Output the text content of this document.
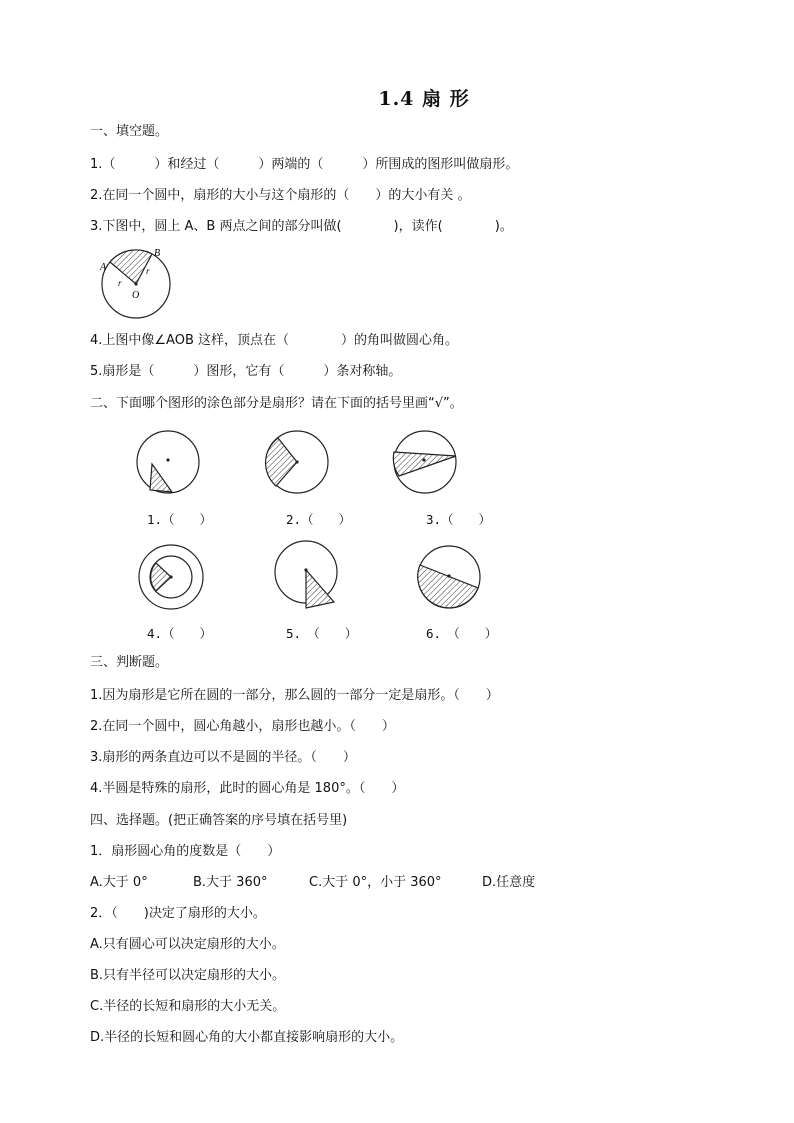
1.4 扇 形
一、填空题。
1.（　　　）和经过（　　　）两端的（　　　）所围成的图形叫做扇形。
2.在同一个圆中，扇形的大小与这个扇形的（　　）的大小有关 。
3.下图中，圆上 A、B 两点之间的部分叫做(　　　　)，读作(　　　　)。
A
B
O
r
r
4.上图中像∠AOB 这样，顶点在（　　　　）的角叫做圆心角。
5.扇形是（　　　）图形，它有（　　　）条对称轴。
二、下面哪个图形的涂色部分是扇形？请在下面的括号里画“√”。
1.（　　）	2.（　　）	3.（　　）
4.（　　）	5.　（　　）	6.　（　　）
三、判断题。
1.因为扇形是它所在圆的一部分，那么圆的一部分一定是扇形。（　　）
2.在同一个圆中，圆心角越小，扇形也越小。（　　）
3.扇形的两条直边可以不是圆的半径。（　　）
4.半圆是特殊的扇形，此时的圆心角是 180°。（　　）
四、选择题。(把正确答案的序号填在括号里)
1．扇形圆心角的度数是（　　）
A.大于 0°	B.大于 360°	C.大于 0°，小于 360°	D.任意度
2．（　　)决定了扇形的大小。
A.只有圆心可以决定扇形的大小。
B.只有半径可以决定扇形的大小。
C.半径的长短和扇形的大小无关。
D.半径的长短和圆心角的大小都直接影响扇形的大小。
